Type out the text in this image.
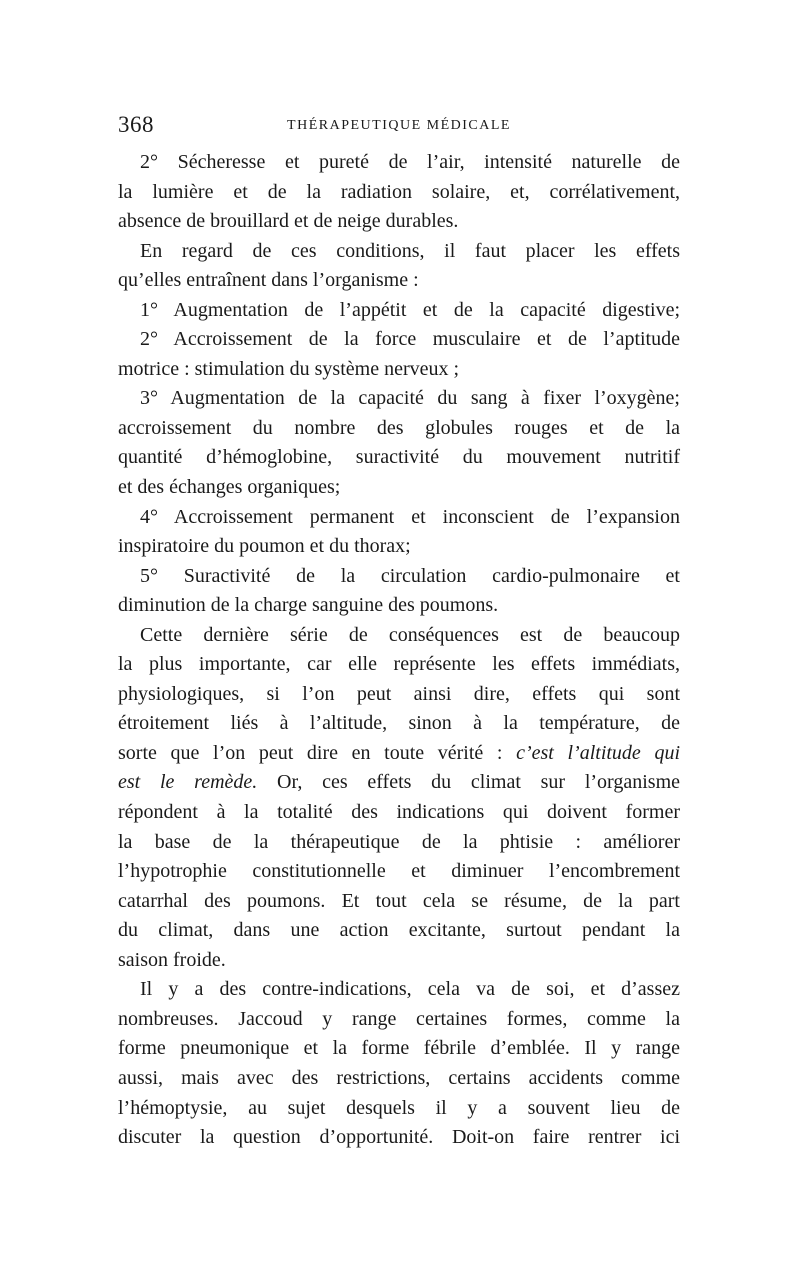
368	THÉRAPEUTIQUE MÉDICALE
2° Sécheresse et pureté de l’air, intensité naturelle de
la lumière et de la radiation solaire, et, corrélativement,
absence de brouillard et de neige durables.
En regard de ces conditions, il faut placer les effets
qu’elles entraînent dans l’organisme :
1° Augmentation de l’appétit et de la capacité digestive;
2° Accroissement de la force musculaire et de l’aptitude
motrice : stimulation du système nerveux ;
3° Augmentation de la capacité du sang à fixer l’oxygène;
accroissement du nombre des globules rouges et de la
quantité d’hémoglobine, suractivité du mouvement nutritif
et des échanges organiques;
4° Accroissement permanent et inconscient de l’expansion
inspiratoire du poumon et du thorax;
5° Suractivité de la circulation cardio-pulmonaire et
diminution de la charge sanguine des poumons.
Cette dernière série de conséquences est de beaucoup
la plus importante, car elle représente les effets immédiats,
physiologiques, si l’on peut ainsi dire, effets qui sont
étroitement liés à l’altitude, sinon à la température, de
sorte que l’on peut dire en toute vérité : c’est l’altitude qui
est le remède. Or, ces effets du climat sur l’organisme
répondent à la totalité des indications qui doivent former
la base de la thérapeutique de la phtisie : améliorer
l’hypotrophie constitutionnelle et diminuer l’encombrement
catarrhal des poumons. Et tout cela se résume, de la part
du climat, dans une action excitante, surtout pendant la
saison froide.
Il y a des contre-indications, cela va de soi, et d’assez
nombreuses. Jaccoud y range certaines formes, comme la
forme pneumonique et la forme fébrile d’emblée. Il y range
aussi, mais avec des restrictions, certains accidents comme
l’hémoptysie, au sujet desquels il y a souvent lieu de
discuter la question d’opportunité. Doit-on faire rentrer ici
